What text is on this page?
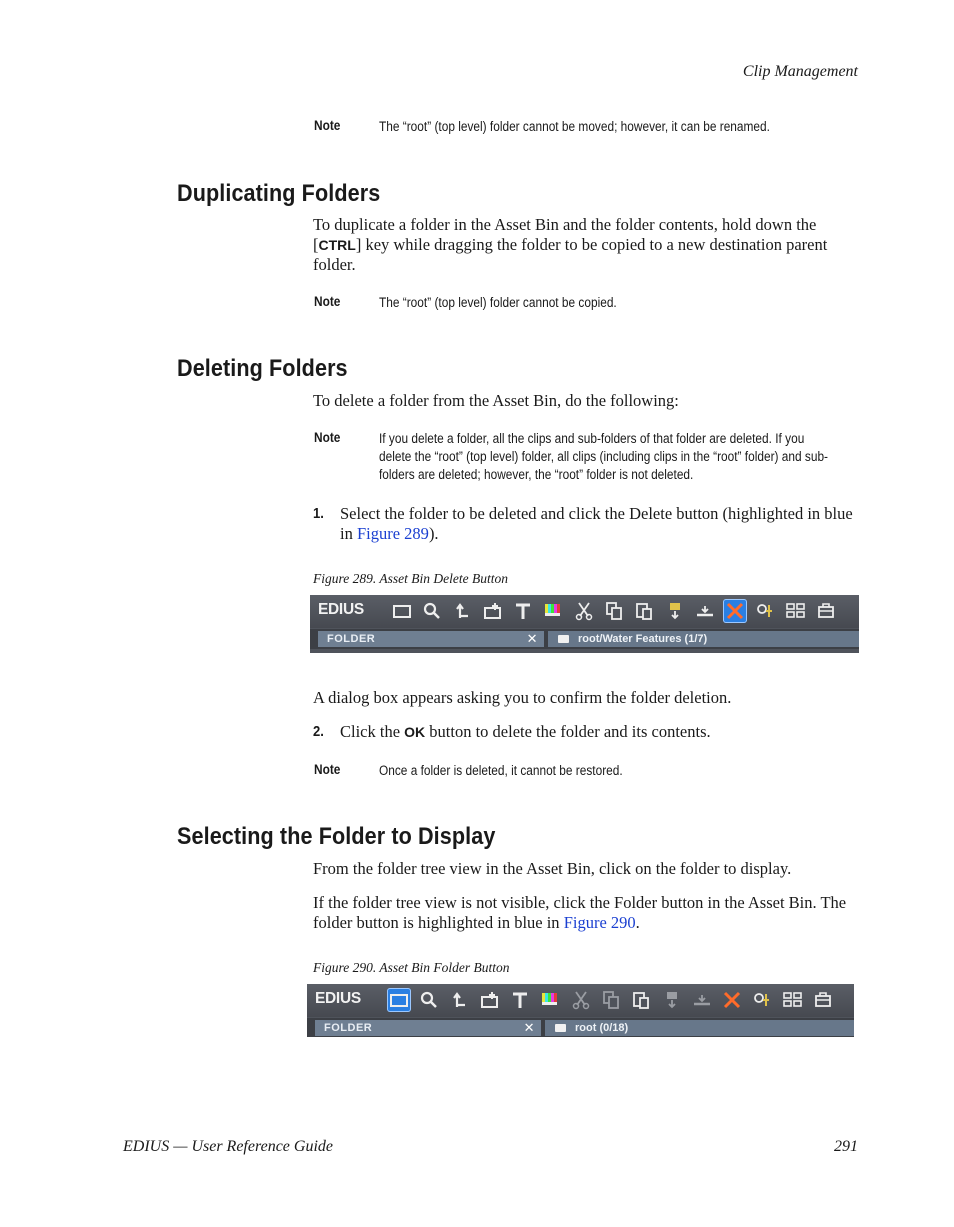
Clip Management
Note	The “root” (top level) folder cannot be moved; however, it can be renamed.
Duplicating Folders
To duplicate a folder in the Asset Bin and the folder contents, hold down the [CTRL] key while dragging the folder to be copied to a new destination parent folder.
Note	The “root” (top level) folder cannot be copied.
Deleting Folders
To delete a folder from the Asset Bin, do the following:
Note	If you delete a folder, all the clips and sub-folders of that folder are deleted. If you delete the “root” (top level) folder, all clips (including clips in the “root” folder) and sub-folders are deleted; however, the “root” folder is not deleted.
1. Select the folder to be deleted and click the Delete button (highlighted in blue in Figure 289).
Figure 289. Asset Bin Delete Button
EDIUS
FOLDER	✕	root/Water Features (1/7)
A dialog box appears asking you to confirm the folder deletion.
2. Click the OK button to delete the folder and its contents.
Note	Once a folder is deleted, it cannot be restored.
Selecting the Folder to Display
From the folder tree view in the Asset Bin, click on the folder to display.
If the folder tree view is not visible, click the Folder button in the Asset Bin. The folder button is highlighted in blue in Figure 290.
Figure 290. Asset Bin Folder Button
EDIUS
FOLDER	✕	root (0/18)
EDIUS — User Reference Guide	291
